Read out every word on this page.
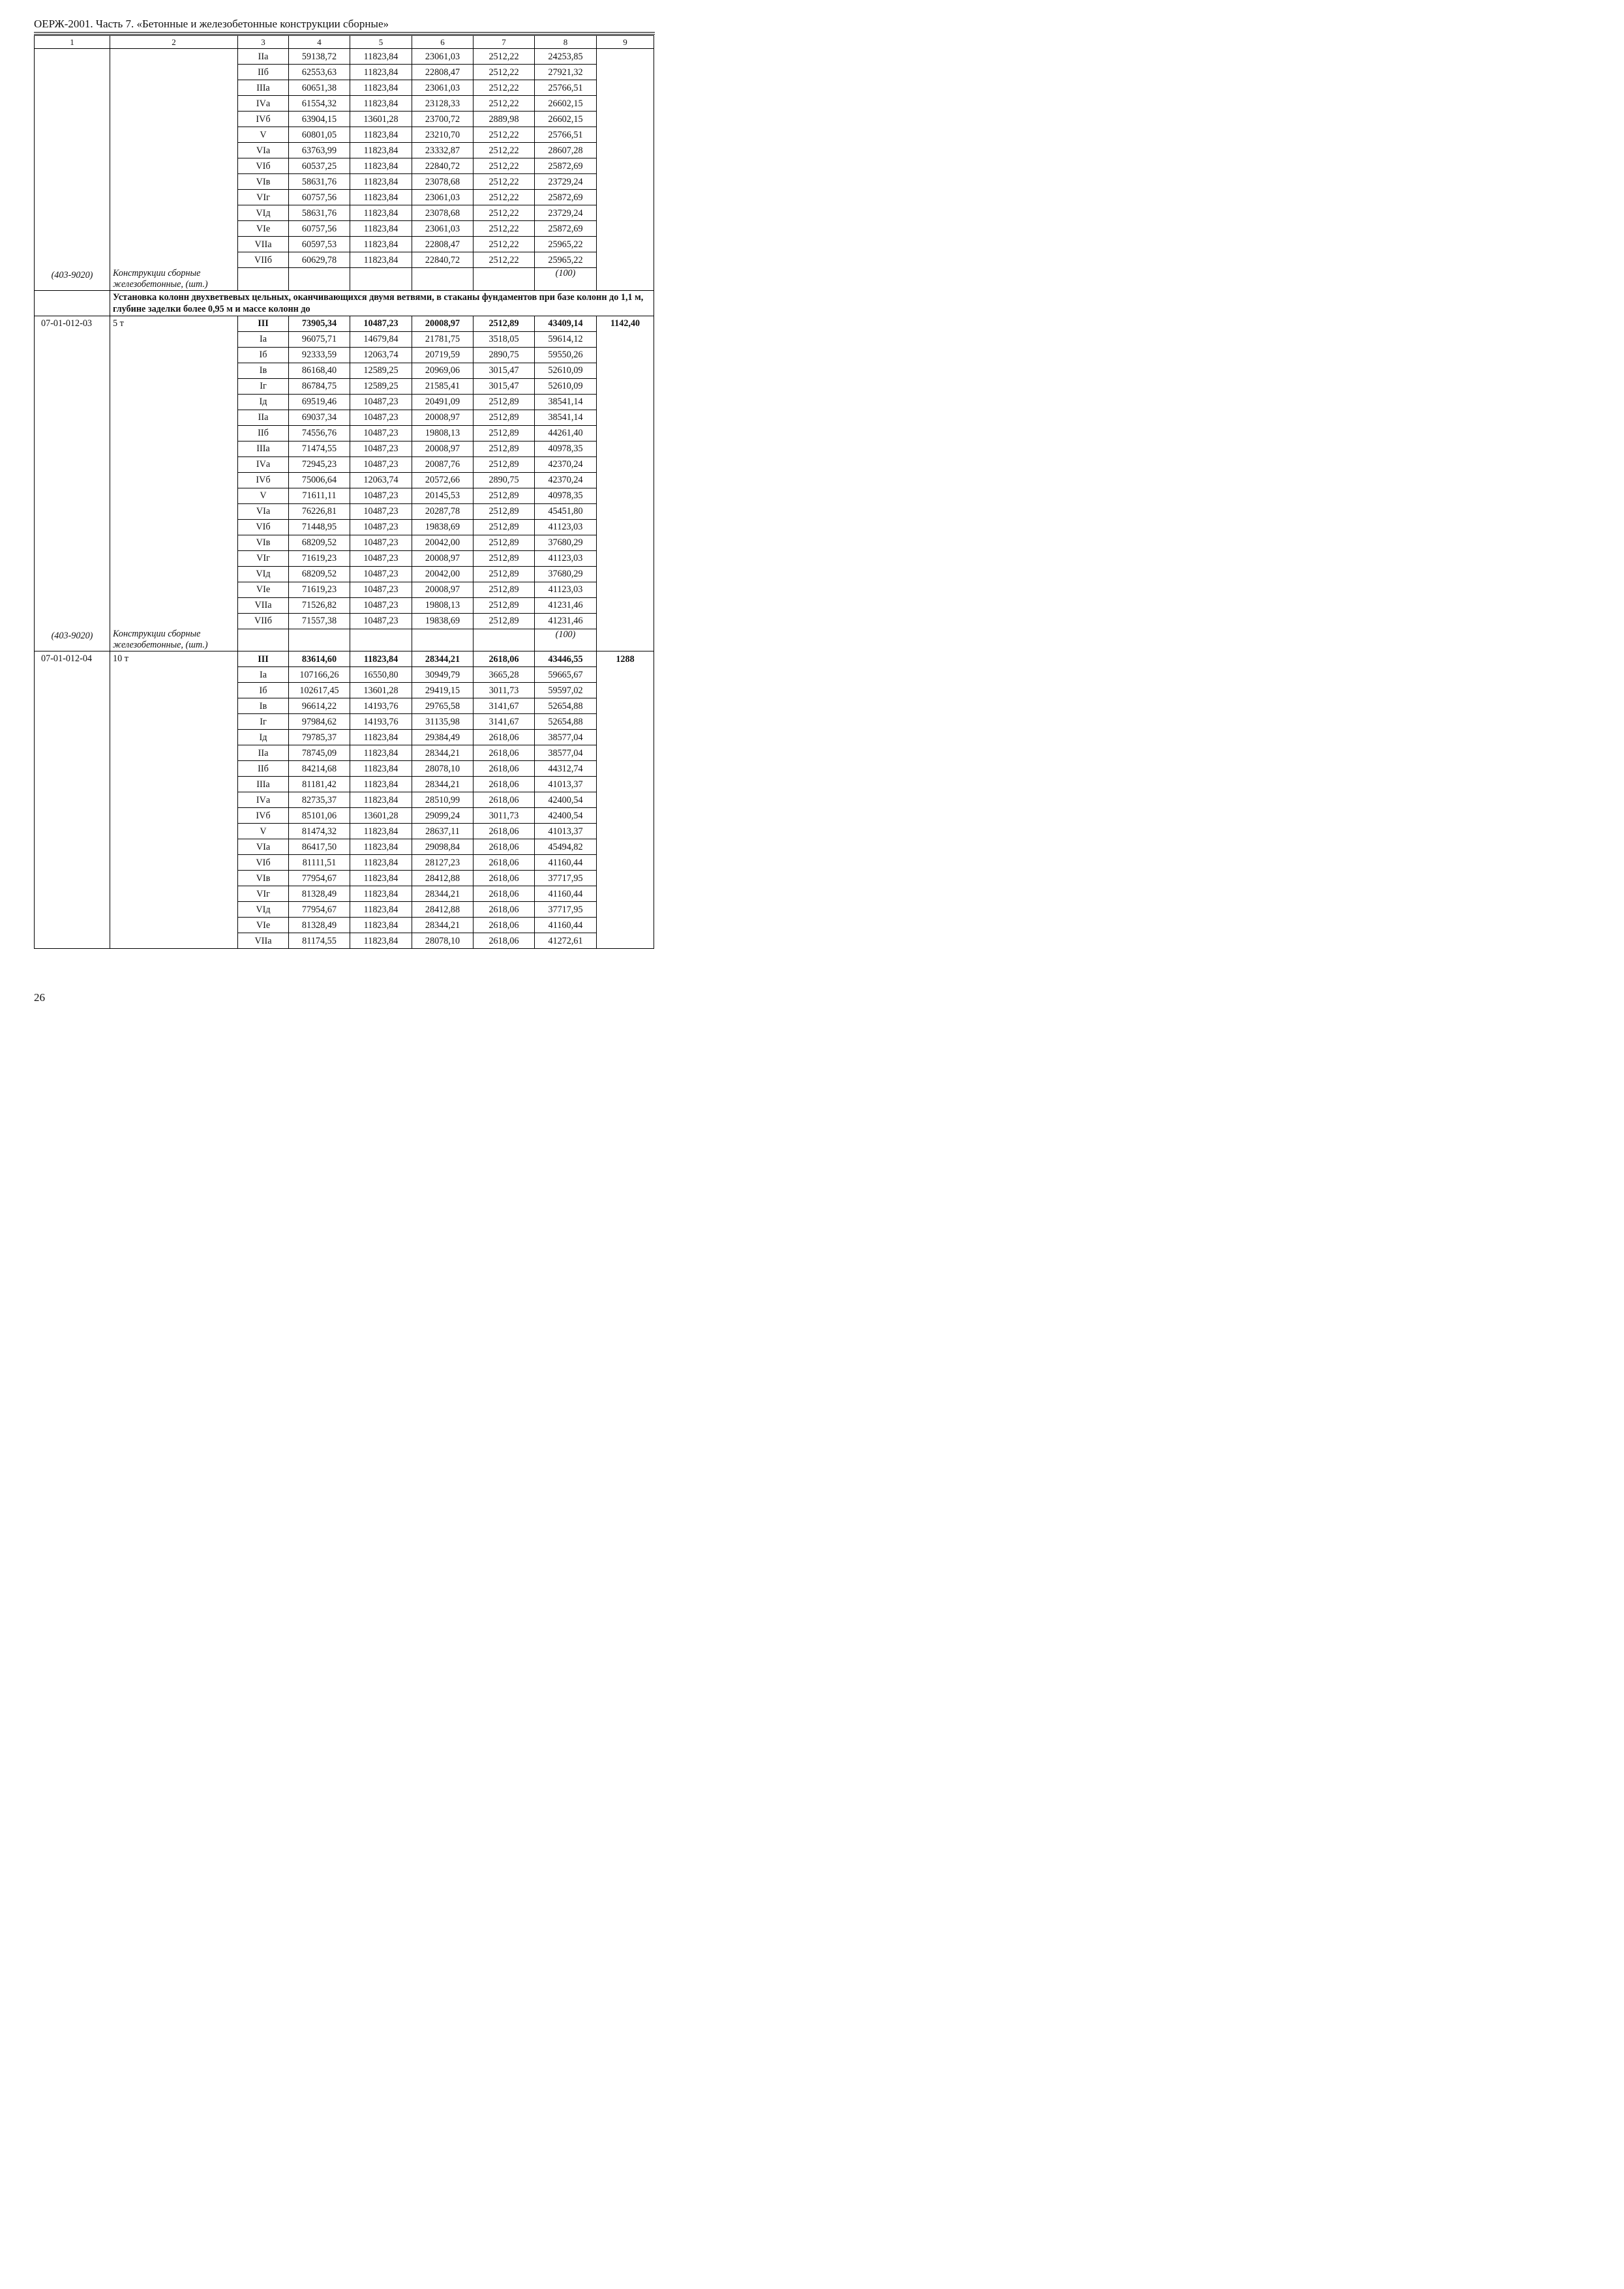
ОЕРЖ-2001. Часть 7. «Бетонные и железобетонные конструкции сборные»
1	2	3	4	5	6	7	8	9
		IIа	59138,72	11823,84	23061,03	2512,22	24253,85	
		IIб	62553,63	11823,84	22808,47	2512,22	27921,32	
		IIIа	60651,38	11823,84	23061,03	2512,22	25766,51	
		IVа	61554,32	11823,84	23128,33	2512,22	26602,15	
		IVб	63904,15	13601,28	23700,72	2889,98	26602,15	
		V	60801,05	11823,84	23210,70	2512,22	25766,51	
		VIа	63763,99	11823,84	23332,87	2512,22	28607,28	
		VIб	60537,25	11823,84	22840,72	2512,22	25872,69	
		VIв	58631,76	11823,84	23078,68	2512,22	23729,24	
		VIг	60757,56	11823,84	23061,03	2512,22	25872,69	
		VIд	58631,76	11823,84	23078,68	2512,22	23729,24	
		VIе	60757,56	11823,84	23061,03	2512,22	25872,69	
		VIIа	60597,53	11823,84	22808,47	2512,22	25965,22	
		VIIб	60629,78	11823,84	22840,72	2512,22	25965,22	
(403-9020)	Конструкции сборные железобетонные, (шт.)						(100)	
	Установка колонн двухветвевых цельных, оканчивающихся двумя ветвями, в стаканы фундаментов при базе колонн до 1,1 м, глубине заделки более 0,95 м и массе колонн до							
07-01-012-03	5 т	III	73905,34	10487,23	20008,97	2512,89	43409,14	1142,40
		Iа	96075,71	14679,84	21781,75	3518,05	59614,12	
		Iб	92333,59	12063,74	20719,59	2890,75	59550,26	
		Iв	86168,40	12589,25	20969,06	3015,47	52610,09	
		Iг	86784,75	12589,25	21585,41	3015,47	52610,09	
		Iд	69519,46	10487,23	20491,09	2512,89	38541,14	
		IIа	69037,34	10487,23	20008,97	2512,89	38541,14	
		IIб	74556,76	10487,23	19808,13	2512,89	44261,40	
		IIIа	71474,55	10487,23	20008,97	2512,89	40978,35	
		IVа	72945,23	10487,23	20087,76	2512,89	42370,24	
		IVб	75006,64	12063,74	20572,66	2890,75	42370,24	
		V	71611,11	10487,23	20145,53	2512,89	40978,35	
		VIа	76226,81	10487,23	20287,78	2512,89	45451,80	
		VIб	71448,95	10487,23	19838,69	2512,89	41123,03	
		VIв	68209,52	10487,23	20042,00	2512,89	37680,29	
		VIг	71619,23	10487,23	20008,97	2512,89	41123,03	
		VIд	68209,52	10487,23	20042,00	2512,89	37680,29	
		VIе	71619,23	10487,23	20008,97	2512,89	41123,03	
		VIIа	71526,82	10487,23	19808,13	2512,89	41231,46	
		VIIб	71557,38	10487,23	19838,69	2512,89	41231,46	
(403-9020)	Конструкции сборные железобетонные, (шт.)						(100)	
07-01-012-04	10 т	III	83614,60	11823,84	28344,21	2618,06	43446,55	1288
		Iа	107166,26	16550,80	30949,79	3665,28	59665,67	
		Iб	102617,45	13601,28	29419,15	3011,73	59597,02	
		Iв	96614,22	14193,76	29765,58	3141,67	52654,88	
		Iг	97984,62	14193,76	31135,98	3141,67	52654,88	
		Iд	79785,37	11823,84	29384,49	2618,06	38577,04	
		IIа	78745,09	11823,84	28344,21	2618,06	38577,04	
		IIб	84214,68	11823,84	28078,10	2618,06	44312,74	
		IIIа	81181,42	11823,84	28344,21	2618,06	41013,37	
		IVа	82735,37	11823,84	28510,99	2618,06	42400,54	
		IVб	85101,06	13601,28	29099,24	3011,73	42400,54	
		V	81474,32	11823,84	28637,11	2618,06	41013,37	
		VIа	86417,50	11823,84	29098,84	2618,06	45494,82	
		VIб	81111,51	11823,84	28127,23	2618,06	41160,44	
		VIв	77954,67	11823,84	28412,88	2618,06	37717,95	
		VIг	81328,49	11823,84	28344,21	2618,06	41160,44	
		VIд	77954,67	11823,84	28412,88	2618,06	37717,95	
		VIе	81328,49	11823,84	28344,21	2618,06	41160,44	
		VIIа	81174,55	11823,84	28078,10	2618,06	41272,61	
26
